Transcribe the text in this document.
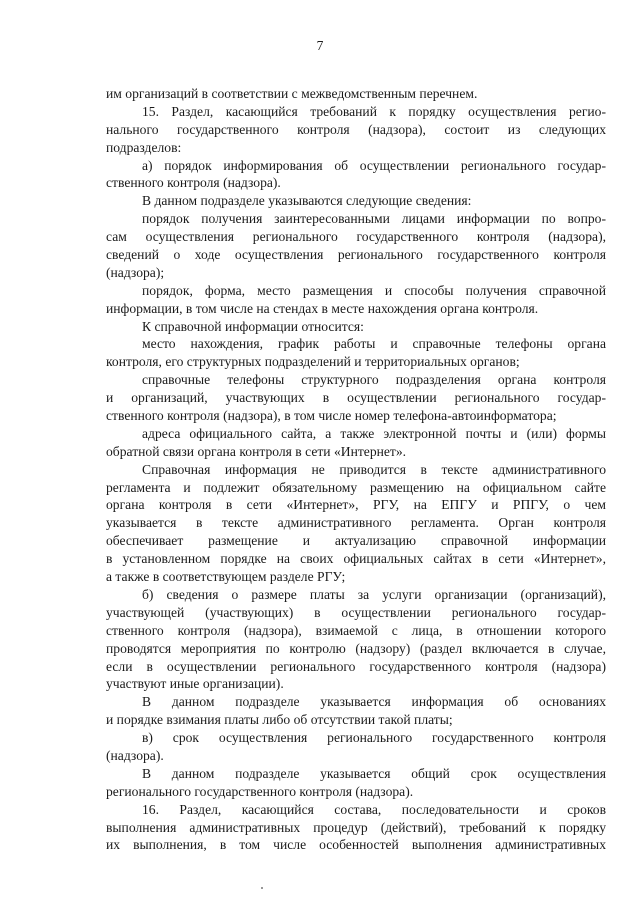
7
им организаций в соответствии с межведомственным перечнем.
15. Раздел, касающийся требований к порядку осуществления регио-
нального государственного контроля (надзора), состоит из следующих
подразделов:
а) порядок информирования об осуществлении регионального государ-
ственного контроля (надзора).
В данном подразделе указываются следующие сведения:
порядок получения заинтересованными лицами информации по вопро-
сам осуществления регионального государственного контроля (надзора),
сведений о ходе осуществления регионального государственного контроля
(надзора);
порядок, форма, место размещения и способы получения справочной
информации, в том числе на стендах в месте нахождения органа контроля.
К справочной информации относится:
место нахождения, график работы и справочные телефоны органа
контроля, его структурных подразделений и территориальных органов;
справочные телефоны структурного подразделения органа контроля
и организаций, участвующих в осуществлении регионального государ-
ственного контроля (надзора), в том числе номер телефона-автоинформатора;
адреса официального сайта, а также электронной почты и (или) формы
обратной связи органа контроля в сети «Интернет».
Справочная информация не приводится в тексте административного
регламента и подлежит обязательному размещению на официальном сайте
органа контроля в сети «Интернет», РГУ, на ЕПГУ и РПГУ, о чем
указывается в тексте административного регламента. Орган контроля
обеспечивает размещение и актуализацию справочной информации
в установленном порядке на своих официальных сайтах в сети «Интернет»,
а также в соответствующем разделе РГУ;
б) сведения о размере платы за услуги организации (организаций),
участвующей (участвующих) в осуществлении регионального государ-
ственного контроля (надзора), взимаемой с лица, в отношении которого
проводятся мероприятия по контролю (надзору) (раздел включается в случае,
если в осуществлении регионального государственного контроля (надзора)
участвуют иные организации).
В данном подразделе указывается информация об основаниях
и порядке взимания платы либо об отсутствии такой платы;
в) срок осуществления регионального государственного контроля
(надзора).
В данном подразделе указывается общий срок осуществления
регионального государственного контроля (надзора).
16. Раздел, касающийся состава, последовательности и сроков
выполнения административных процедур (действий), требований к порядку
их выполнения, в том числе особенностей выполнения административных
